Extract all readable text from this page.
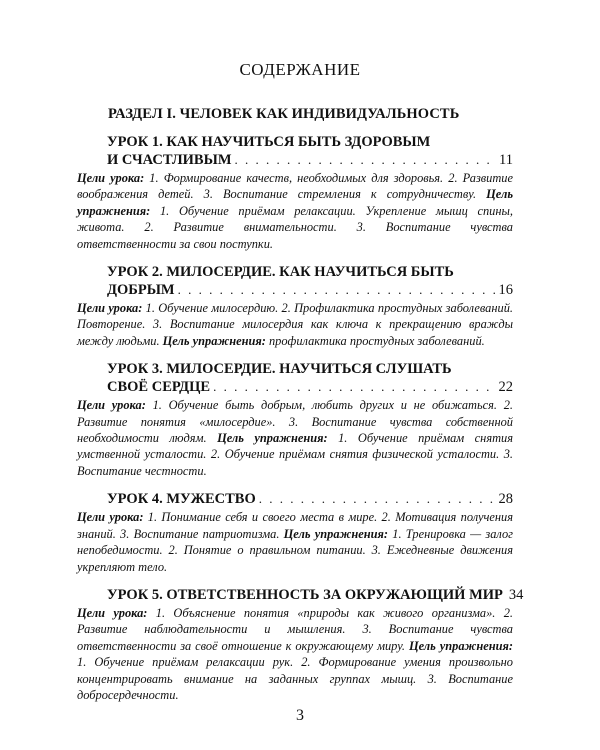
СОДЕРЖАНИЕ
РАЗДЕЛ I. ЧЕЛОВЕК КАК ИНДИВИДУАЛЬНОСТЬ
УРОК 1. КАК НАУЧИТЬСЯ БЫТЬ ЗДОРОВЫМ
И СЧАСТЛИВЫМ . . .	11
Цели урока: 1. Формирование качеств, необходимых для здоровья. 2. Развитие воображения детей. 3. Воспитание стремления к сотрудничеству. Цель упражнения: 1. Обучение приёмам релаксации. Укрепление мышц спины, живота. 2. Развитие внимательности. 3. Воспитание чувства ответственности за свои поступки.
УРОК 2. МИЛОСЕРДИЕ. КАК НАУЧИТЬСЯ БЫТЬ
ДОБРЫМ . . .	16
Цели урока: 1. Обучение милосердию. 2. Профилактика простудных заболеваний. Повторение. 3. Воспитание милосердия как ключа к прекращению вражды между людьми. Цель упражнения: профилактика простудных заболеваний.
УРОК 3. МИЛОСЕРДИЕ. НАУЧИТЬСЯ СЛУШАТЬ
СВОЁ СЕРДЦЕ . . .	22
Цели урока: 1. Обучение быть добрым, любить других и не обижаться. 2. Развитие понятия «милосердие». 3. Воспитание чувства собственной необходимости людям. Цель упражнения: 1. Обучение приёмам снятия умственной усталости. 2. Обучение приёмам снятия физической усталости. 3. Воспитание честности.
УРОК 4. МУЖЕСТВО . . .	28
Цели урока: 1. Понимание себя и своего места в мире. 2. Мотивация получения знаний. 3. Воспитание патриотизма. Цель упражнения: 1. Тренировка — залог непобедимости. 2. Понятие о правильном питании. 3. Ежедневные движения укрепляют тело.
УРОК 5. ОТВЕТСТВЕННОСТЬ ЗА ОКРУЖАЮЩИЙ МИР 34
Цели урока: 1. Объяснение понятия «природы как живого организма». 2. Развитие наблюдательности и мышления. 3. Воспитание чувства ответственности за своё отношение к окружающему миру. Цель упражнения: 1. Обучение приёмам релаксации рук. 2. Формирование умения произвольно концентрировать внимание на заданных группах мышц. 3. Воспитание добросердечности.
3
